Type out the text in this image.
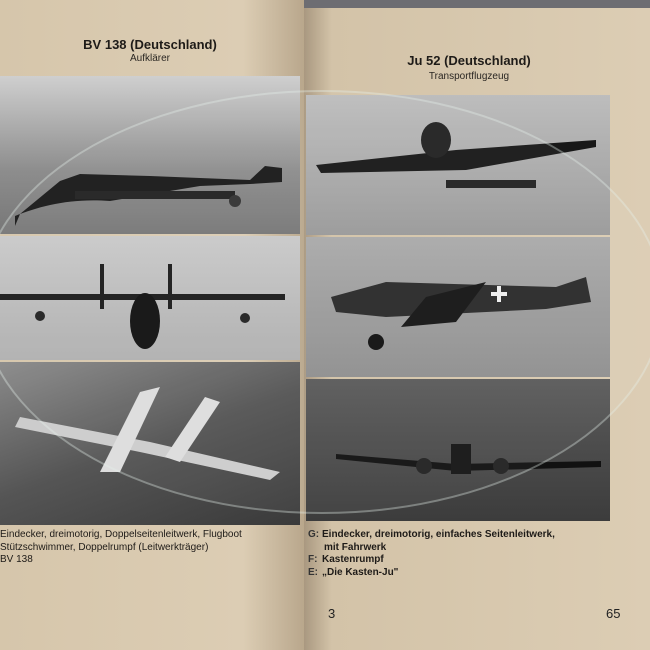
BV 138 (Deutschland)
Aufklärer
Eindecker, dreimotorig, Doppelseitenleitwerk, Flugboot
Stützschwimmer, Doppelrumpf (Leitwerkträger)
BV 138
3
Ju 52 (Deutschland)
Transportflugzeug
G: Eindecker, dreimotorig, einfaches Seitenleitwerk,
mit Fahrwerk
F: Kastenrumpf
E: „Die Kasten-Ju"
65
